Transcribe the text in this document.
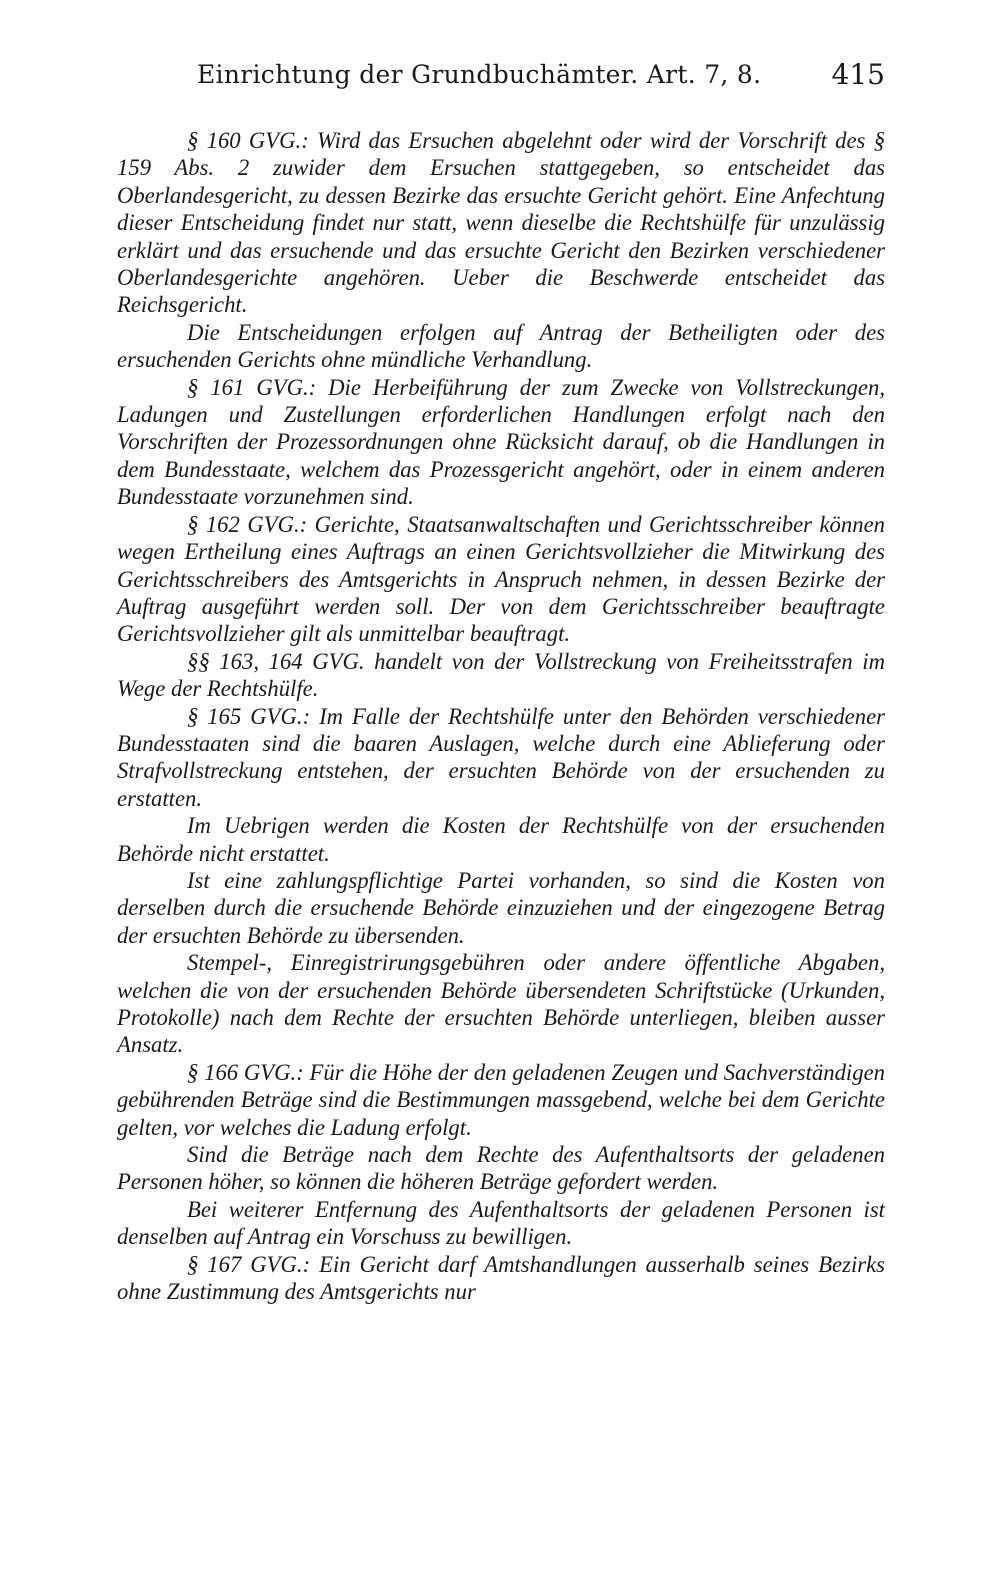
Einrichtung der Grundbuchämter. Art. 7, 8.	415

§ 160 GVG.: Wird das Ersuchen abgelehnt oder wird der Vorschrift des § 159 Abs. 2 zuwider dem Ersuchen stattgegeben, so entscheidet das Oberlandesgericht, zu dessen Bezirke das ersuchte Gericht gehört. Eine Anfechtung dieser Entscheidung findet nur statt, wenn dieselbe die Rechtshülfe für unzulässig erklärt und das ersuchende und das ersuchte Gericht den Bezirken verschiedener Oberlandesgerichte angehören. Ueber die Beschwerde entscheidet das Reichsgericht.

Die Entscheidungen erfolgen auf Antrag der Betheiligten oder des ersuchenden Gerichts ohne mündliche Verhandlung.

§ 161 GVG.: Die Herbeiführung der zum Zwecke von Vollstreckungen, Ladungen und Zustellungen erforderlichen Handlungen erfolgt nach den Vorschriften der Prozessordnungen ohne Rücksicht darauf, ob die Handlungen in dem Bundesstaate, welchem das Prozessgericht angehört, oder in einem anderen Bundesstaate vorzunehmen sind.

§ 162 GVG.: Gerichte, Staatsanwaltschaften und Gerichtsschreiber können wegen Ertheilung eines Auftrags an einen Gerichtsvollzieher die Mitwirkung des Gerichtsschreibers des Amtsgerichts in Anspruch nehmen, in dessen Bezirke der Auftrag ausgeführt werden soll. Der von dem Gerichtsschreiber beauftragte Gerichtsvollzieher gilt als unmittelbar beauftragt.

§§ 163, 164 GVG. handelt von der Vollstreckung von Freiheitsstrafen im Wege der Rechtshülfe.

§ 165 GVG.: Im Falle der Rechtshülfe unter den Behörden verschiedener Bundesstaaten sind die baaren Auslagen, welche durch eine Ablieferung oder Strafvollstreckung entstehen, der ersuchten Behörde von der ersuchenden zu erstatten.

Im Uebrigen werden die Kosten der Rechtshülfe von der ersuchenden Behörde nicht erstattet.

Ist eine zahlungspflichtige Partei vorhanden, so sind die Kosten von derselben durch die ersuchende Behörde einzuziehen und der eingezogene Betrag der ersuchten Behörde zu übersenden.

Stempel-, Einregistrirungsgebühren oder andere öffentliche Abgaben, welchen die von der ersuchenden Behörde übersendeten Schriftstücke (Urkunden, Protokolle) nach dem Rechte der ersuchten Behörde unterliegen, bleiben ausser Ansatz.

§ 166 GVG.: Für die Höhe der den geladenen Zeugen und Sachverständigen gebührenden Beträge sind die Bestimmungen massgebend, welche bei dem Gerichte gelten, vor welches die Ladung erfolgt.

Sind die Beträge nach dem Rechte des Aufenthaltsorts der geladenen Personen höher, so können die höheren Beträge gefordert werden.

Bei weiterer Entfernung des Aufenthaltsorts der geladenen Personen ist denselben auf Antrag ein Vorschuss zu bewilligen.

§ 167 GVG.: Ein Gericht darf Amtshandlungen ausserhalb seines Bezirks ohne Zustimmung des Amtsgerichts nur
